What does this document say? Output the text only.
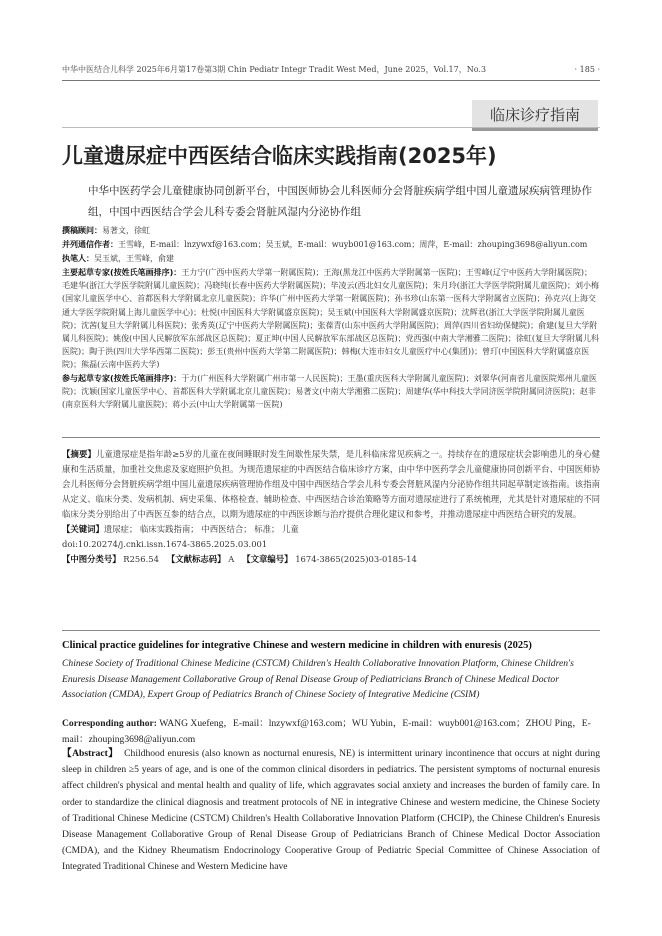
中华中医结合儿科学 2025年6月第17卷第3期 Chin Pediatr Integr Tradit West Med，June 2025，Vol.17，No.3	· 185 ·
临床诊疗指南
儿童遗尿症中西医结合临床实践指南(2025年)
中华中医药学会儿童健康协同创新平台，中国医师协会儿科医师分会肾脏疾病学组中国儿童遗尿疾病管理协作组，中国中西医结合学会儿科专委会肾脏风湿内分泌协作组
撰稿顾问：易著文，徐虹
并列通信作者：王雪峰，E-mail：lnzywxf@163.com；吴玉斌，E-mail：wuyb001@163.com；周萍，E-mail：zhouping3698@aliyun.com
执笔人：吴玉斌，王雪峰，俞建
主要起草专家(按姓氏笔画排序)：王力宁(广西中医药大学第一附属医院)；王海(黑龙江中医药大学附属第一医院)；王雪峰(辽宁中医药大学附属医院)；毛建华(浙江大学医学院附属儿童医院)；冯晓纯(长春中医药大学附属医院)；毕凌云(西北妇女儿童医院)；朱月玲(浙江大学医学院附属儿童医院)；刘小梅(国家儿童医学中心、首都医科大学附属北京儿童医院)；许华(广州中医药大学第一附属医院)；孙书珍(山东第一医科大学附属省立医院)；孙克兴(上海交通大学医学院附属上海儿童医学中心)；杜悦(中国医科大学附属盛京医院)；吴玉斌(中国医科大学附属盛京医院)；沈辉君(浙江大学医学院附属儿童医院)；沈茜(复旦大学附属儿科医院)；张秀英(辽宁中医药大学附属医院)；张葆青(山东中医药大学附属医院)；周萍(四川省妇幼保健院)；俞建(复旦大学附属儿科医院)；姚俊(中国人民解放军东部战区总医院)；夏正坤(中国人民解放军东部战区总医院)；党西强(中南大学湘雅二医院)；徐虹(复旦大学附属儿科医院)；陶于洪(四川大学华西第二医院)；彭玉(贵州中医药大学第二附属医院)；韩梅(大连市妇女儿童医疗中心(集团))；曾玎(中国医科大学附属盛京医院)；熊磊(云南中医药大学)
参与起草专家(按姓氏笔画排序)：于力(广州医科大学附属广州市第一人民医院)；王墨(重庆医科大学附属儿童医院)；刘翠华(河南省儿童医院郑州儿童医院)；沈颖(国家儿童医学中心、首都医科大学附属北京儿童医院)；易著文(中南大学湘雅二医院)；周建华(华中科技大学同济医学院附属同济医院)；赵非(南京医科大学附属儿童医院)；蒋小云(中山大学附属第一医院)
【摘要】儿童遗尿症是指年龄≥5岁的儿童在夜间睡眠时发生间歇性尿失禁，是儿科临床常见疾病之一。持续存在的遗尿症状会影响患儿的身心健康和生活质量，加重社交焦虑及家庭照护负担。为规范遗尿症的中西医结合临床诊疗方案，由中华中医药学会儿童健康协同创新平台、中国医师协会儿科医师分会肾脏疾病学组中国儿童遗尿疾病管理协作组及中国中西医结合学会儿科专委会肾脏风湿内分泌协作组共同起草制定该指南。该指南从定义、临床分类、发病机制、病史采集、体格检查、辅助检查、中西医结合诊治策略等方面对遗尿症进行了系统梳理，尤其是针对遗尿症的不同临床分类分别给出了中西医互参的结合点，以期为遗尿症的中西医诊断与治疗提供合理化建议和参考，并推动遗尿症中西医结合研究的发展。
【关键词】遗尿症； 临床实践指南； 中西医结合； 标准； 儿童
doi:10.20274/j.cnki.issn.1674-3865.2025.03.001
【中图分类号】 R256.54 【文献标志码】 A 【文章编号】 1674-3865(2025)03-0185-14
Clinical practice guidelines for integrative Chinese and western medicine in children with enuresis (2025)
Chinese Society of Traditional Chinese Medicine (CSTCM) Children's Health Collaborative Innovation Platform, Chinese Children's Enuresis Disease Management Collaborative Group of Renal Disease Group of Pediatricians Branch of Chinese Medical Doctor Association (CMDA), Expert Group of Pediatrics Branch of Chinese Society of Integrative Medicine (CSIM)
Corresponding author: WANG Xuefeng，E-mail：lnzywxf@163.com；WU Yubin，E-mail：wuyb001@163.com；ZHOU Ping，E-mail：zhouping3698@aliyun.com
【Abstract】 Childhood enuresis (also known as nocturnal enuresis, NE) is intermittent urinary incontinence that occurs at night during sleep in children ≥5 years of age, and is one of the common clinical disorders in pediatrics. The persistent symptoms of nocturnal enuresis affect children's physical and mental health and quality of life, which aggravates social anxiety and increases the burden of family care. In order to standardize the clinical diagnosis and treatment protocols of NE in integrative Chinese and western medicine, the Chinese Society of Traditional Chinese Medicine (CSTCM) Children's Health Collaborative Innovation Platform (CHCIP), the Chinese Children's Enuresis Disease Management Collaborative Group of Renal Disease Group of Pediatricians Branch of Chinese Medical Doctor Association (CMDA), and the Kidney Rheumatism Endocrinology Cooperative Group of Pediatric Special Committee of Chinese Association of Integrated Traditional Chinese and Western Medicine have
